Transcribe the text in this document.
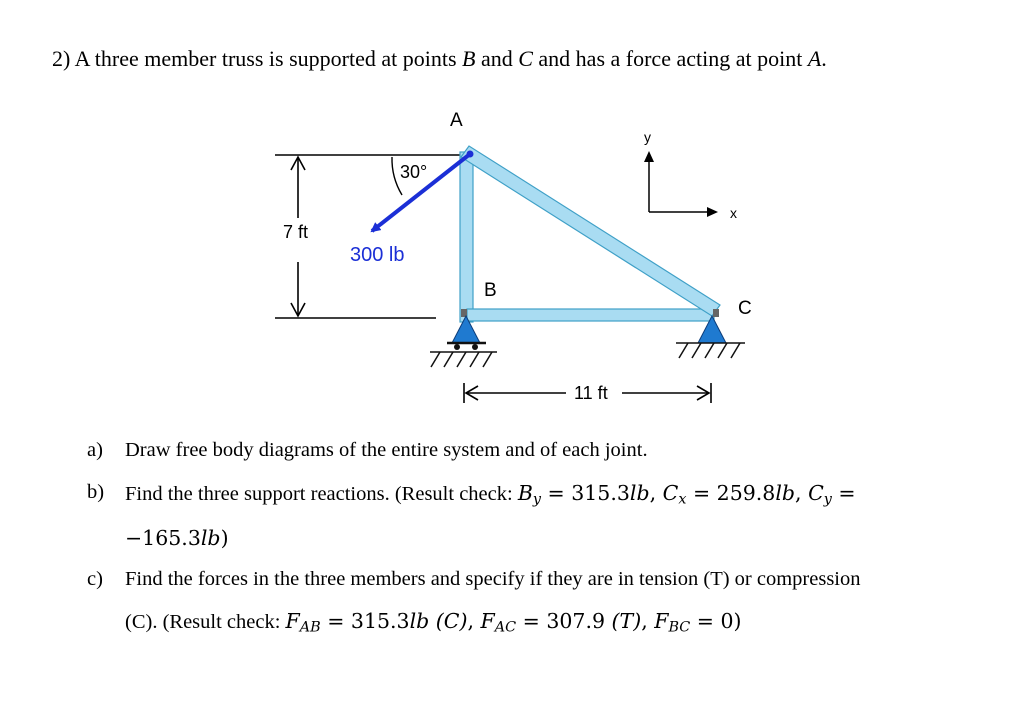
2) A three member truss is supported at points B and C and has a force acting at point A.
7 ft
30°
300 lb
A
B
C
11 ft
y
x
a) Draw free body diagrams of the entire system and of each joint.
b) Find the three support reactions. (Result check: $B_y = 315.3lb$, $C_x = 259.8lb$, $C_y$ =
−165.3lb)
c) Find the forces in the three members and specify if they are in tension (T) or compression
(C). (Result check: $F_{AB} = 315.3lb$ (C), $F_{AC} = 307.9$ (T), $F_{BC} = 0$)
